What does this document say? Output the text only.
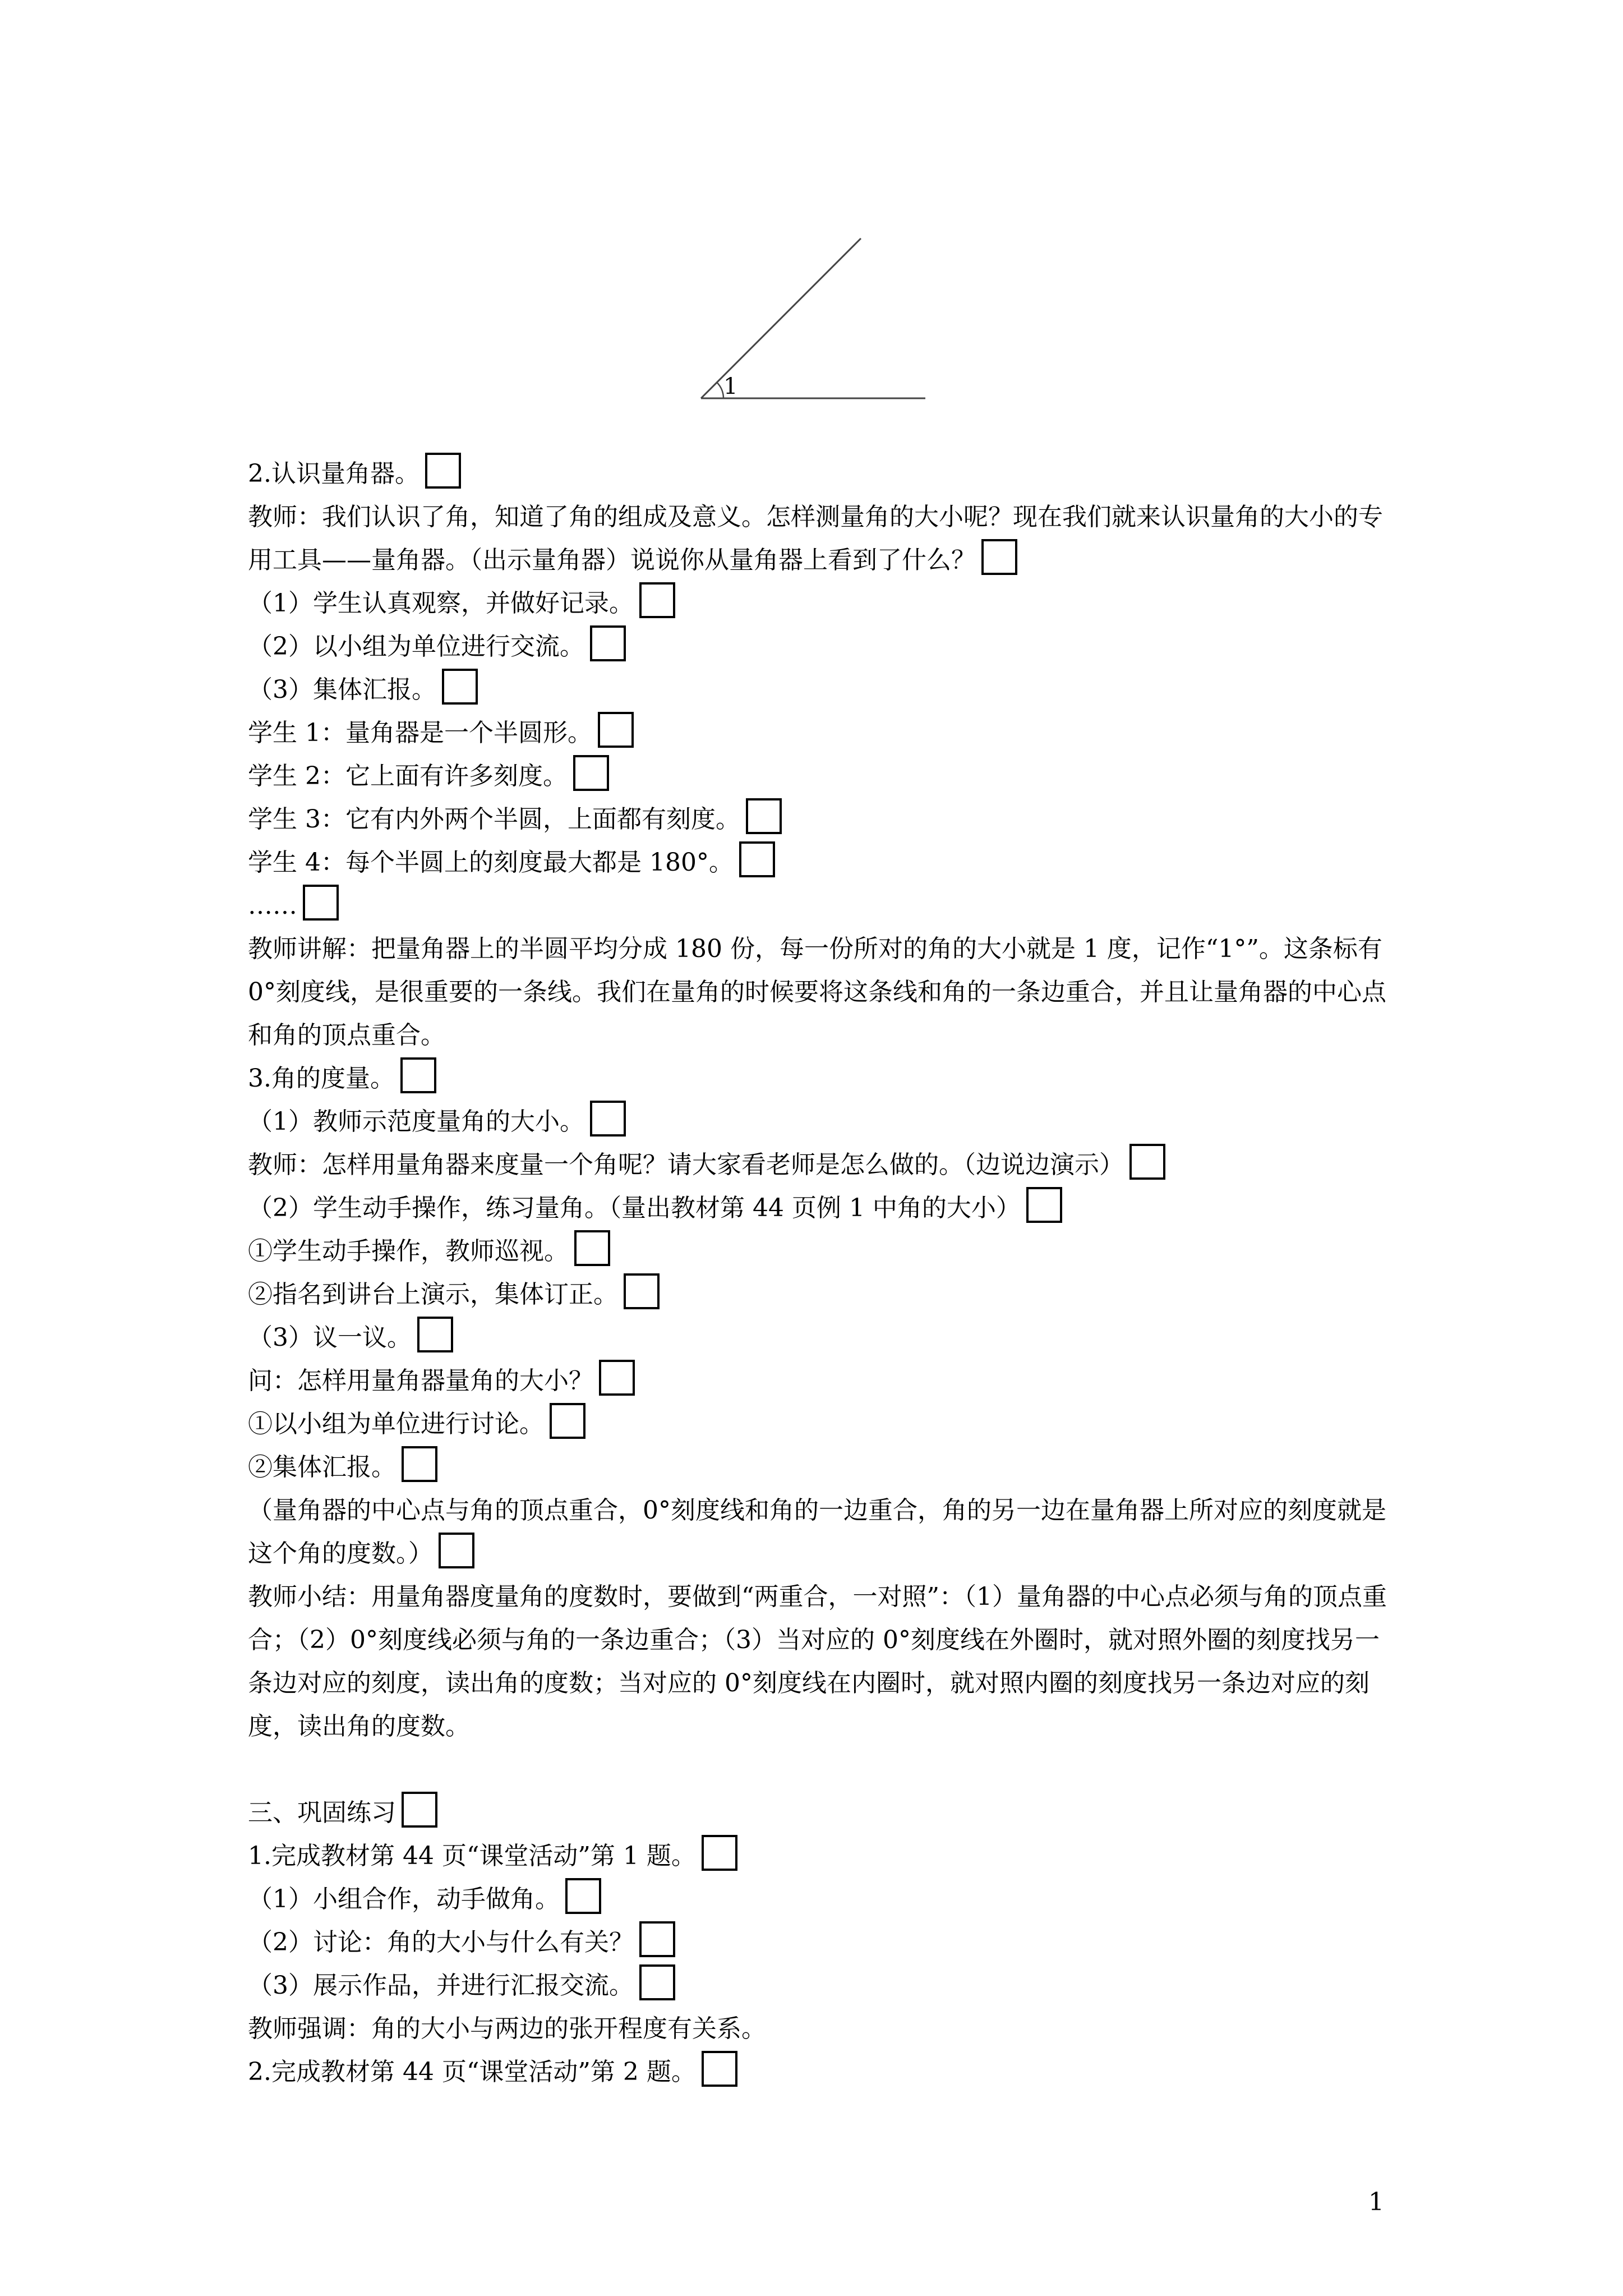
1
2.认识量角器。
教师：我们认识了角，知道了角的组成及意义。怎样测量角的大小呢？现在我们就来认识量角的大小的专用工具——量角器。（出示量角器）说说你从量角器上看到了什么？
（1）学生认真观察，并做好记录。
（2）以小组为单位进行交流。
（3）集体汇报。
学生 1：量角器是一个半圆形。
学生 2：它上面有许多刻度。
学生 3：它有内外两个半圆，上面都有刻度。
学生 4：每个半圆上的刻度最大都是 180°。
……
教师讲解：把量角器上的半圆平均分成 180 份，每一份所对的角的大小就是 1 度，记作“1°”。这条标有 0°刻度线，是很重要的一条线。我们在量角的时候要将这条线和角的一条边重合，并且让量角器的中心点和角的顶点重合。
3.角的度量。
（1）教师示范度量角的大小。
教师：怎样用量角器来度量一个角呢？请大家看老师是怎么做的。（边说边演示）
（2）学生动手操作，练习量角。（量出教材第 44 页例 1 中角的大小）
①学生动手操作，教师巡视。
②指名到讲台上演示，集体订正。
（3）议一议。
问：怎样用量角器量角的大小？
①以小组为单位进行讨论。
②集体汇报。
（量角器的中心点与角的顶点重合，0°刻度线和角的一边重合，角的另一边在量角器上所对应的刻度就是这个角的度数。）
教师小结：用量角器度量角的度数时，要做到“两重合，一对照”：（1）量角器的中心点必须与角的顶点重合；（2）0°刻度线必须与角的一条边重合；（3）当对应的 0°刻度线在外圈时，就对照外圈的刻度找另一条边对应的刻度，读出角的度数；当对应的 0°刻度线在内圈时，就对照内圈的刻度找另一条边对应的刻度，读出角的度数。
三、巩固练习
1.完成教材第 44 页“课堂活动”第 1 题。
（1）小组合作，动手做角。
（2）讨论：角的大小与什么有关？
（3）展示作品，并进行汇报交流。
教师强调：角的大小与两边的张开程度有关系。
2.完成教材第 44 页“课堂活动”第 2 题。
1
